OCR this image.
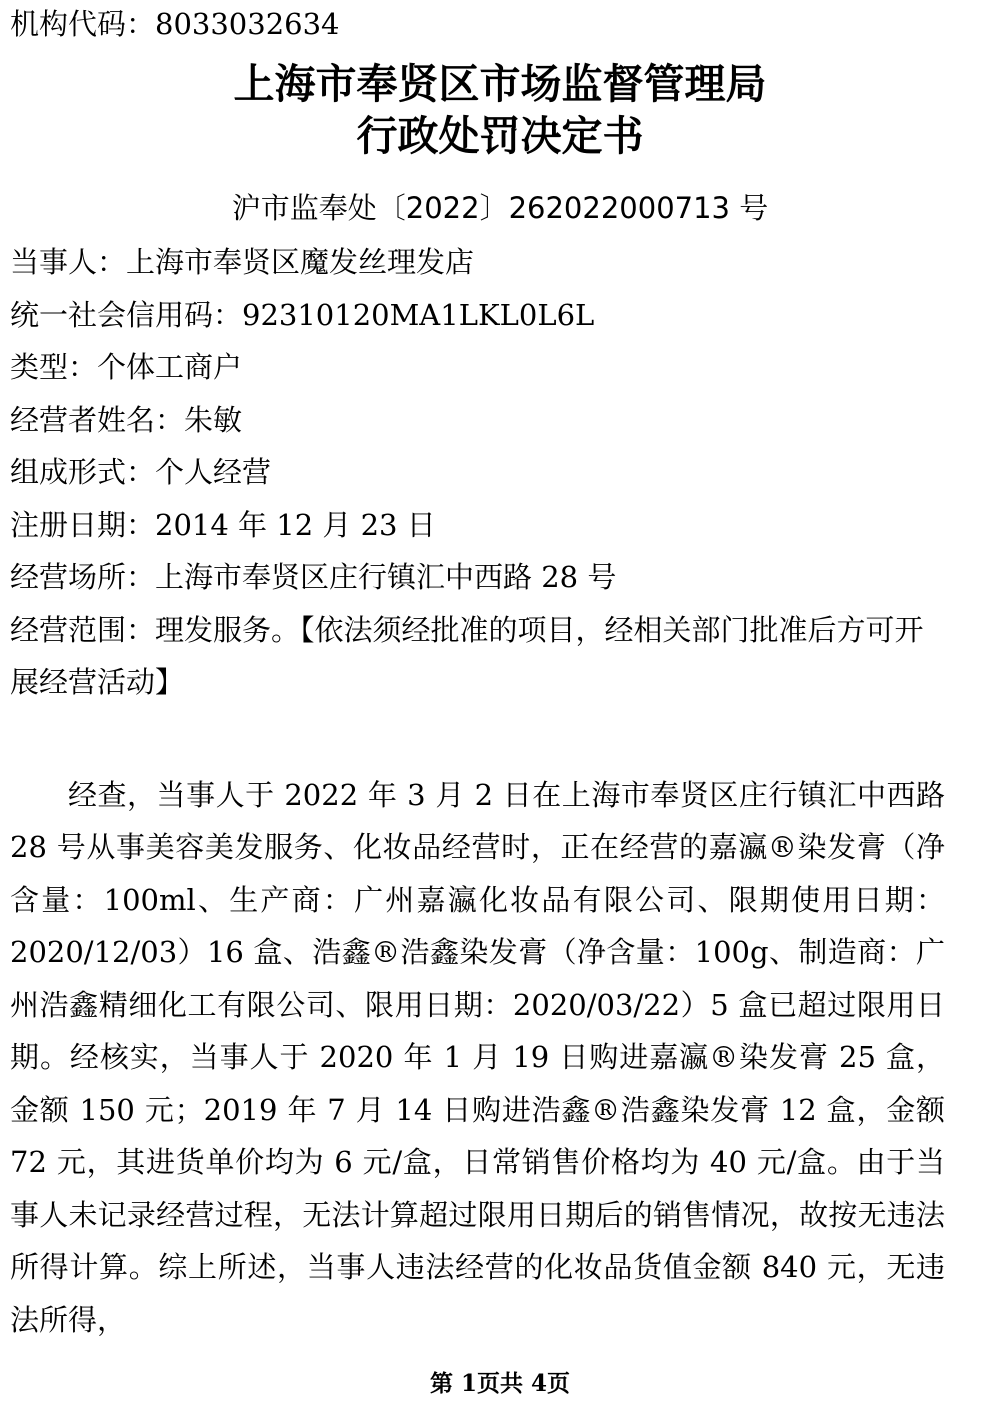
机构代码：8033032634
上海市奉贤区市场监督管理局
行政处罚决定书
沪市监奉处〔2022〕262022000713 号
当事人：上海市奉贤区魔发丝理发店
统一社会信用码：92310120MA1LKL0L6L
类型：个体工商户
经营者姓名：朱敏
组成形式：个人经营
注册日期：2014 年 12 月 23 日
经营场所：上海市奉贤区庄行镇汇中西路 28 号
经营范围：理发服务。【依法须经批准的项目，经相关部门批准后方可开展经营活动】
经查，当事人于 2022 年 3 月 2 日在上海市奉贤区庄行镇汇中西路 28 号从事美容美发服务、化妆品经营时，正在经营的嘉瀛®染发膏（净含量：100ml、生产商：广州嘉瀛化妆品有限公司、限期使用日期：2020/12/03）16 盒、浩鑫®浩鑫染发膏（净含量：100g、制造商：广州浩鑫精细化工有限公司、限用日期：2020/03/22）5 盒已超过限用日期。经核实，当事人于 2020 年 1 月 19 日购进嘉瀛®染发膏 25 盒，金额 150 元；2019 年 7 月 14 日购进浩鑫®浩鑫染发膏 12 盒，金额 72 元，其进货单价均为 6 元/盒，日常销售价格均为 40 元/盒。由于当事人未记录经营过程，无法计算超过限用日期后的销售情况，故按无违法所得计算。综上所述，当事人违法经营的化妆品货值金额 840 元，无违法所得，
第 1页共 4页
